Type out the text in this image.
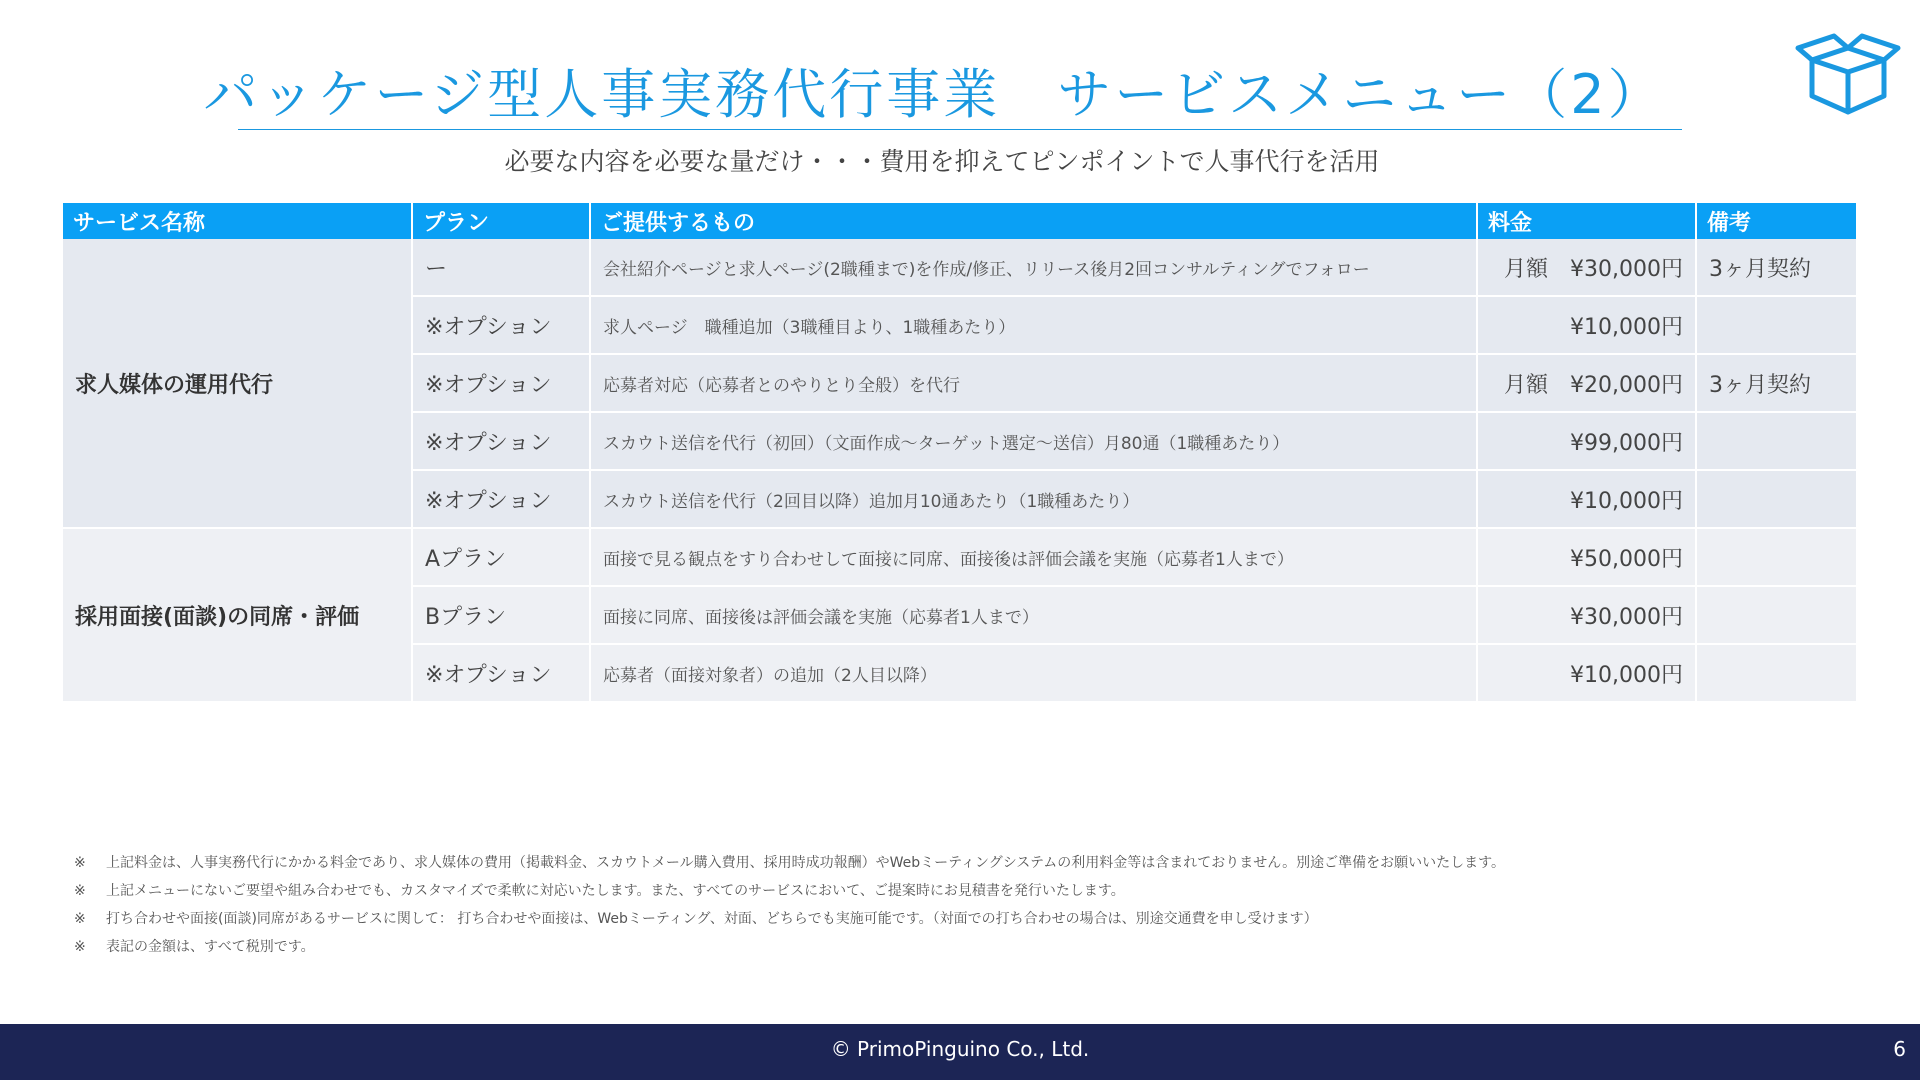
パッケージ型人事実務代行事業　サービスメニュー（2）
必要な内容を必要な量だけ・・・費用を抑えてピンポイントで人事代行を活用
サービス名称	プラン	ご提供するもの	料金	備考
求人媒体の運用代行	ー	会社紹介ページと求人ページ(2職種まで)を作成/修正、リリース後月2回コンサルティングでフォロー	月額　¥30,000円	3ヶ月契約
	※オプション	求人ページ　職種追加（3職種目より、1職種あたり）	¥10,000円	
	※オプション	応募者対応（応募者とのやりとり全般）を代行	月額　¥20,000円	3ヶ月契約
	※オプション	スカウト送信を代行（初回）（文面作成〜ターゲット選定〜送信）月80通（1職種あたり）	¥99,000円	
	※オプション	スカウト送信を代行（2回目以降）追加月10通あたり（1職種あたり）	¥10,000円	
採用面接(面談)の同席・評価	Aプラン	面接で見る観点をすり合わせして面接に同席、面接後は評価会議を実施（応募者1人まで）	¥50,000円	
	Bプラン	面接に同席、面接後は評価会議を実施（応募者1人まで）	¥30,000円	
	※オプション	応募者（面接対象者）の追加（2人目以降）	¥10,000円	
※ 上記料金は、人事実務代行にかかる料金であり、求人媒体の費用（掲載料金、スカウトメール購入費用、採用時成功報酬）やWebミーティングシステムの利用料金等は含まれておりません。別途ご準備をお願いいたします。
※ 上記メニューにないご要望や組み合わせでも、カスタマイズで柔軟に対応いたします。また、すべてのサービスにおいて、ご提案時にお見積書を発行いたします。
※ 打ち合わせや面接(面談)同席があるサービスに関して： 打ち合わせや面接は、Webミーティング、対面、どちらでも実施可能です。（対面での打ち合わせの場合は、別途交通費を申し受けます）
※ 表記の金額は、すべて税別です。
© PrimoPinguino Co., Ltd.	6
